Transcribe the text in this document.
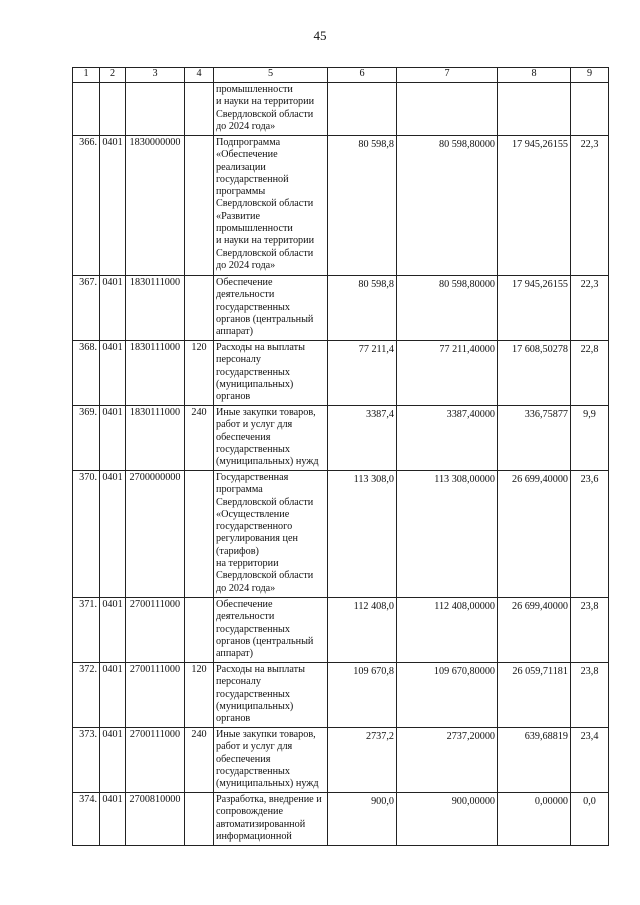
45
1	2	3	4	5	6	7	8	9
				промышленности
и науки на территории Свердловской области до 2024 года»				
366.	0401	1830000000		Подпрограмма «Обеспечение реализации государственной программы Свердловской области «Развитие промышленности
и науки на территории Свердловской области до 2024 года»	80 598,8	80 598,80000	17 945,26155	22,3
367.	0401	1830111000		Обеспечение деятельности государственных органов (центральный аппарат)	80 598,8	80 598,80000	17 945,26155	22,3
368.	0401	1830111000	120	Расходы на выплаты персоналу государственных (муниципальных) органов	77 211,4	77 211,40000	17 608,50278	22,8
369.	0401	1830111000	240	Иные закупки товаров, работ и услуг для обеспечения государственных (муниципальных) нужд	3387,4	3387,40000	336,75877	9,9
370.	0401	2700000000		Государственная программа Свердловской области «Осуществление государственного регулирования цен (тарифов)
на территории Свердловской области до 2024 года»	113 308,0	113 308,00000	26 699,40000	23,6
371.	0401	2700111000		Обеспечение деятельности государственных органов (центральный аппарат)	112 408,0	112 408,00000	26 699,40000	23,8
372.	0401	2700111000	120	Расходы на выплаты персоналу государственных (муниципальных) органов	109 670,8	109 670,80000	26 059,71181	23,8
373.	0401	2700111000	240	Иные закупки товаров, работ и услуг для обеспечения государственных (муниципальных) нужд	2737,2	2737,20000	639,68819	23,4
374.	0401	2700810000		Разработка, внедрение и сопровождение автоматизированной информационной	900,0	900,00000	0,00000	0,0
